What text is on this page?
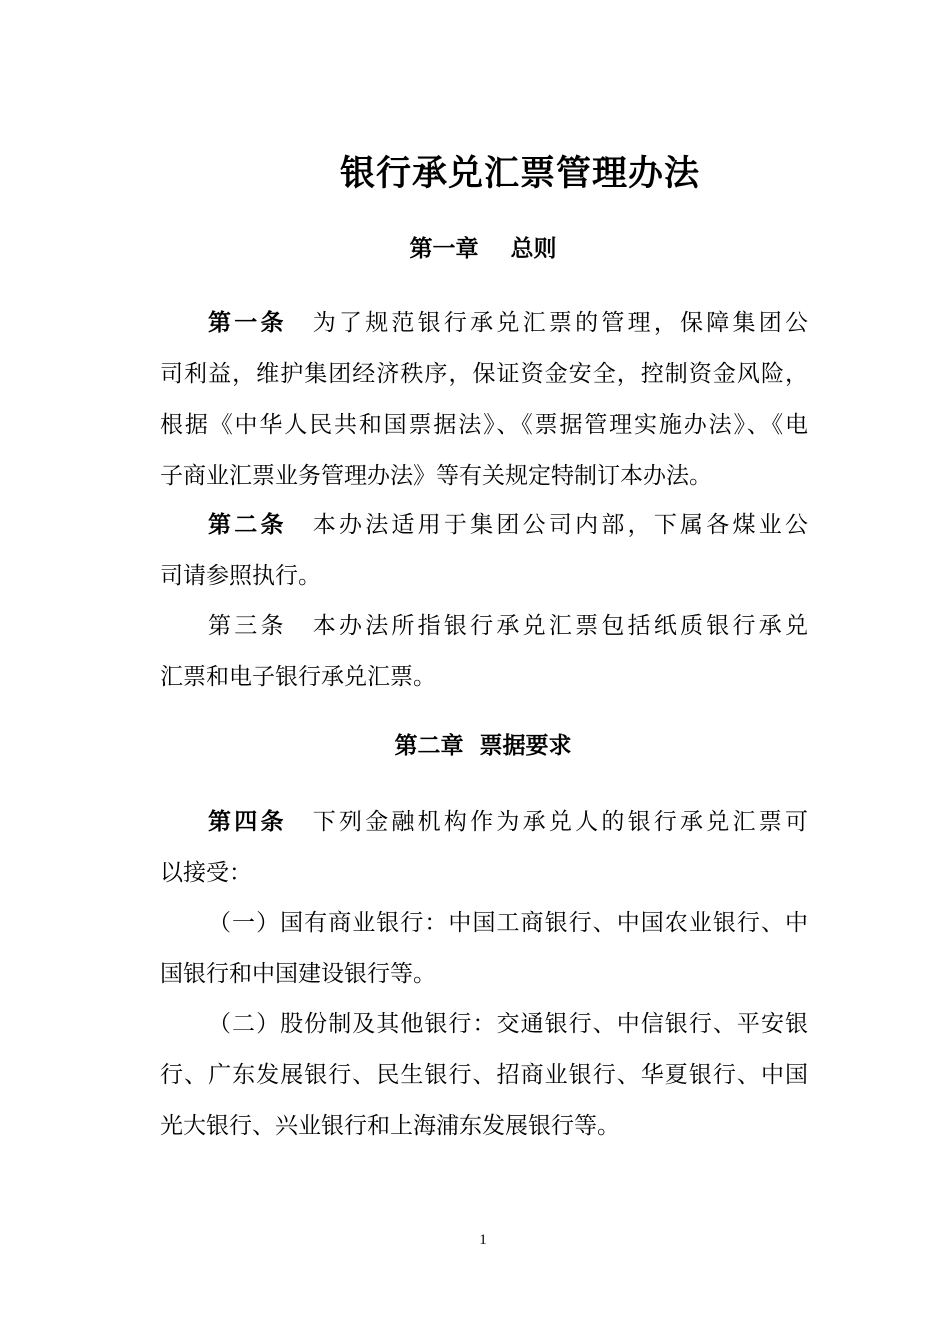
银行承兑汇票管理办法
第一章    总则
第一条 为了规范银行承兑汇票的管理，保障集团公
司利益，维护集团经济秩序，保证资金安全，控制资金风险，
根据《中华人民共和国票据法》、《票据管理实施办法》、《电
子商业汇票业务管理办法》等有关规定特制订本办法。
第二条 本办法适用于集团公司内部，下属各煤业公
司请参照执行。
第三条 本办法所指银行承兑汇票包括纸质银行承兑
汇票和电子银行承兑汇票。
第二章  票据要求
第四条 下列金融机构作为承兑人的银行承兑汇票可
以接受：
（一）国有商业银行：中国工商银行、中国农业银行、中
国银行和中国建设银行等。
（二）股份制及其他银行：交通银行、中信银行、平安银
行、广东发展银行、民生银行、招商业银行、华夏银行、中国
光大银行、兴业银行和上海浦东发展银行等。
1
